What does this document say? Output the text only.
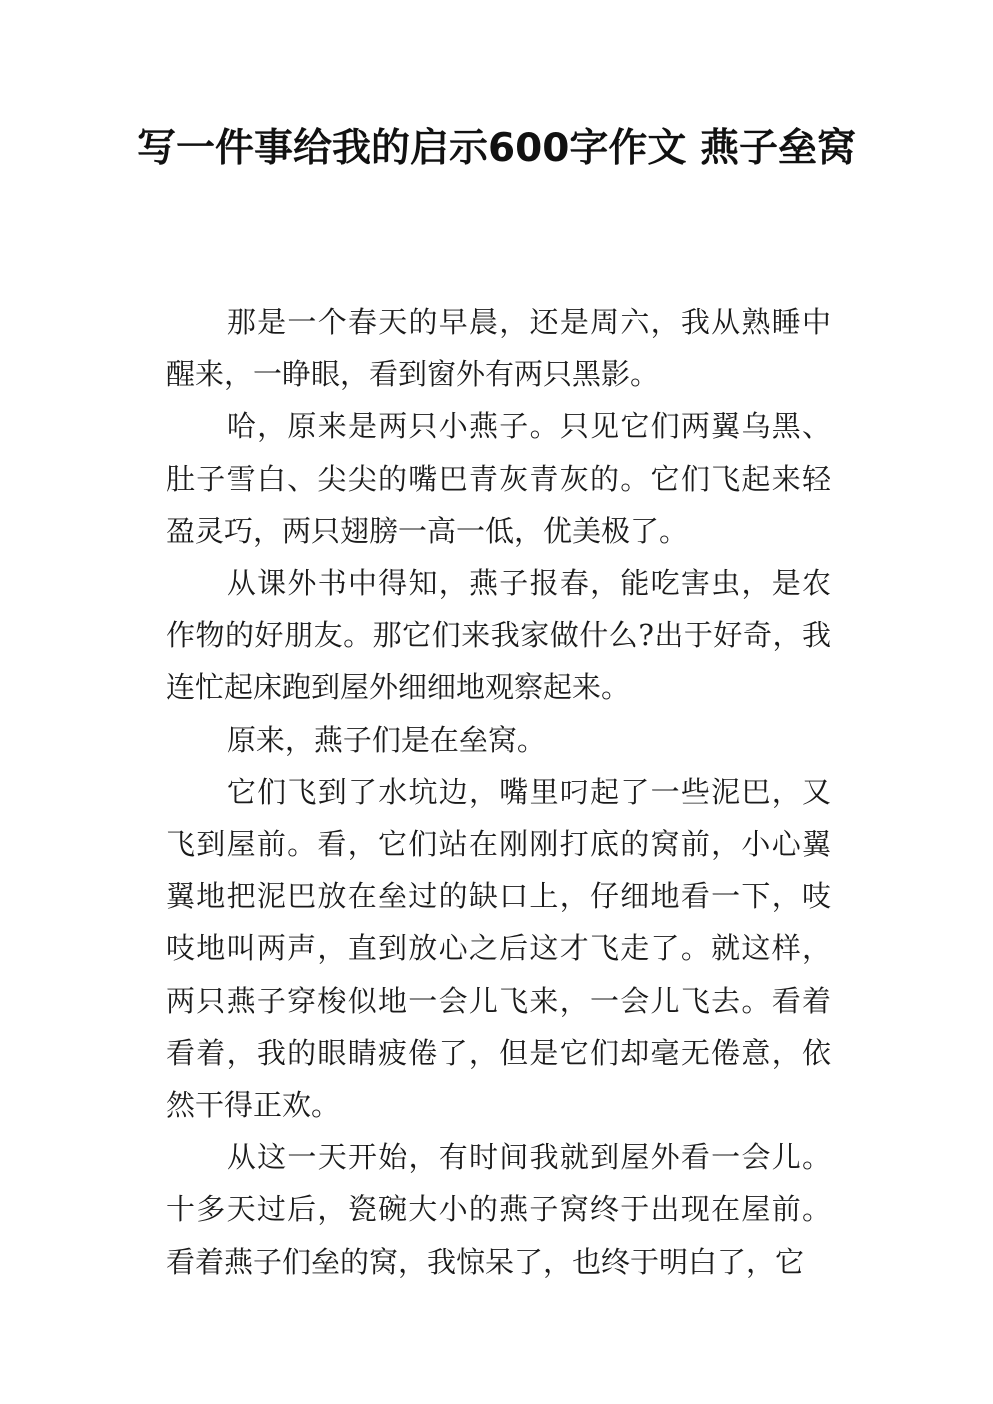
写一件事给我的启示600字作文 燕子垒窝

那是一个春天的早晨，还是周六，我从熟睡中醒来，一睁眼，看到窗外有两只黑影。

哈，原来是两只小燕子。只见它们两翼乌黑、肚子雪白、尖尖的嘴巴青灰青灰的。它们飞起来轻盈灵巧，两只翅膀一高一低，优美极了。

从课外书中得知，燕子报春，能吃害虫，是农作物的好朋友。那它们来我家做什么?出于好奇，我连忙起床跑到屋外细细地观察起来。

原来，燕子们是在垒窝。

它们飞到了水坑边，嘴里叼起了一些泥巴，又飞到屋前。看，它们站在刚刚打底的窝前，小心翼翼地把泥巴放在垒过的缺口上，仔细地看一下，吱吱地叫两声，直到放心之后这才飞走了。就这样，两只燕子穿梭似地一会儿飞来，一会儿飞去。看着看着，我的眼睛疲倦了，但是它们却毫无倦意，依然干得正欢。

从这一天开始，有时间我就到屋外看一会儿。十多天过后，瓷碗大小的燕子窝终于出现在屋前。看着燕子们垒的窝，我惊呆了，也终于明白了，它
